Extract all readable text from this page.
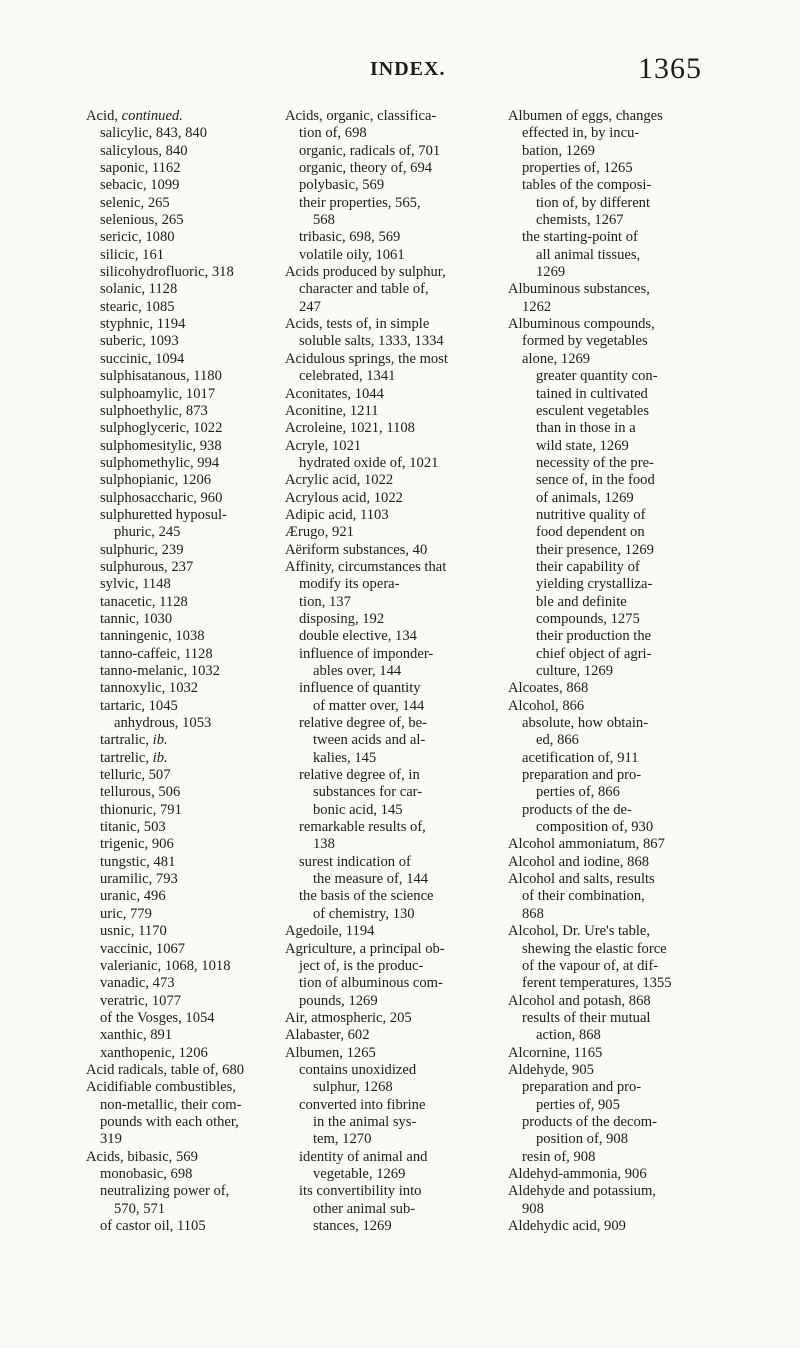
INDEX.	1365
Acid, continued.
salicylic, 843, 840
salicylous, 840
saponic, 1162
sebacic, 1099
selenic, 265
selenious, 265
sericic, 1080
silicic, 161
silicohydrofluoric, 318
solanic, 1128
stearic, 1085
styphnic, 1194
suberic, 1093
succinic, 1094
sulphisatanous, 1180
sulphoamylic, 1017
sulphoethylic, 873
sulphoglyceric, 1022
sulphomesitylic, 938
sulphomethylic, 994
sulphopianic, 1206
sulphosaccharic, 960
sulphuretted hyposul-
phuric, 245
sulphuric, 239
sulphurous, 237
sylvic, 1148
tanacetic, 1128
tannic, 1030
tanningenic, 1038
tanno-caffeic, 1128
tanno-melanic, 1032
tannoxylic, 1032
tartaric, 1045
anhydrous, 1053
tartralic, ib.
tartrelic, ib.
telluric, 507
tellurous, 506
thionuric, 791
titanic, 503
trigenic, 906
tungstic, 481
uramilic, 793
uranic, 496
uric, 779
usnic, 1170
vaccinic, 1067
valerianic, 1068, 1018
vanadic, 473
veratric, 1077
of the Vosges, 1054
xanthic, 891
xanthopenic, 1206
Acid radicals, table of, 680
Acidifiable combustibles,
non-metallic, their com-
pounds with each other,
319
Acids, bibasic, 569
monobasic, 698
neutralizing power of,
570, 571
of castor oil, 1105
Acids, organic, classifica-
tion of, 698
organic, radicals of, 701
organic, theory of, 694
polybasic, 569
their properties, 565,
568
tribasic, 698, 569
volatile oily, 1061
Acids produced by sulphur,
character and table of,
247
Acids, tests of, in simple
soluble salts, 1333, 1334
Acidulous springs, the most
celebrated, 1341
Aconitates, 1044
Aconitine, 1211
Acroleine, 1021, 1108
Acryle, 1021
hydrated oxide of, 1021
Acrylic acid, 1022
Acrylous acid, 1022
Adipic acid, 1103
Ærugo, 921
Aëriform substances, 40
Affinity, circumstances that
modify its opera-
tion, 137
disposing, 192
double elective, 134
influence of imponder-
ables over, 144
influence of quantity
of matter over, 144
relative degree of, be-
tween acids and al-
kalies, 145
relative degree of, in
substances for car-
bonic acid, 145
remarkable results of,
138
surest indication of
the measure of, 144
the basis of the science
of chemistry, 130
Agedoile, 1194
Agriculture, a principal ob-
ject of, is the produc-
tion of albuminous com-
pounds, 1269
Air, atmospheric, 205
Alabaster, 602
Albumen, 1265
contains unoxidized
sulphur, 1268
converted into fibrine
in the animal sys-
tem, 1270
identity of animal and
vegetable, 1269
its convertibility into
other animal sub-
stances, 1269
Albumen of eggs, changes
effected in, by incu-
bation, 1269
properties of, 1265
tables of the composi-
tion of, by different
chemists, 1267
the starting-point of
all animal tissues,
1269
Albuminous substances,
1262
Albuminous compounds,
formed by vegetables
alone, 1269
greater quantity con-
tained in cultivated
esculent vegetables
than in those in a
wild state, 1269
necessity of the pre-
sence of, in the food
of animals, 1269
nutritive quality of
food dependent on
their presence, 1269
their capability of
yielding crystalliza-
ble and definite
compounds, 1275
their production the
chief object of agri-
culture, 1269
Alcoates, 868
Alcohol, 866
absolute, how obtain-
ed, 866
acetification of, 911
preparation and pro-
perties of, 866
products of the de-
composition of, 930
Alcohol ammoniatum, 867
Alcohol and iodine, 868
Alcohol and salts, results
of their combination,
868
Alcohol, Dr. Ure's table,
shewing the elastic force
of the vapour of, at dif-
ferent temperatures, 1355
Alcohol and potash, 868
results of their mutual
action, 868
Alcornine, 1165
Aldehyde, 905
preparation and pro-
perties of, 905
products of the decom-
position of, 908
resin of, 908
Aldehyd-ammonia, 906
Aldehyde and potassium,
908
Aldehydic acid, 909
